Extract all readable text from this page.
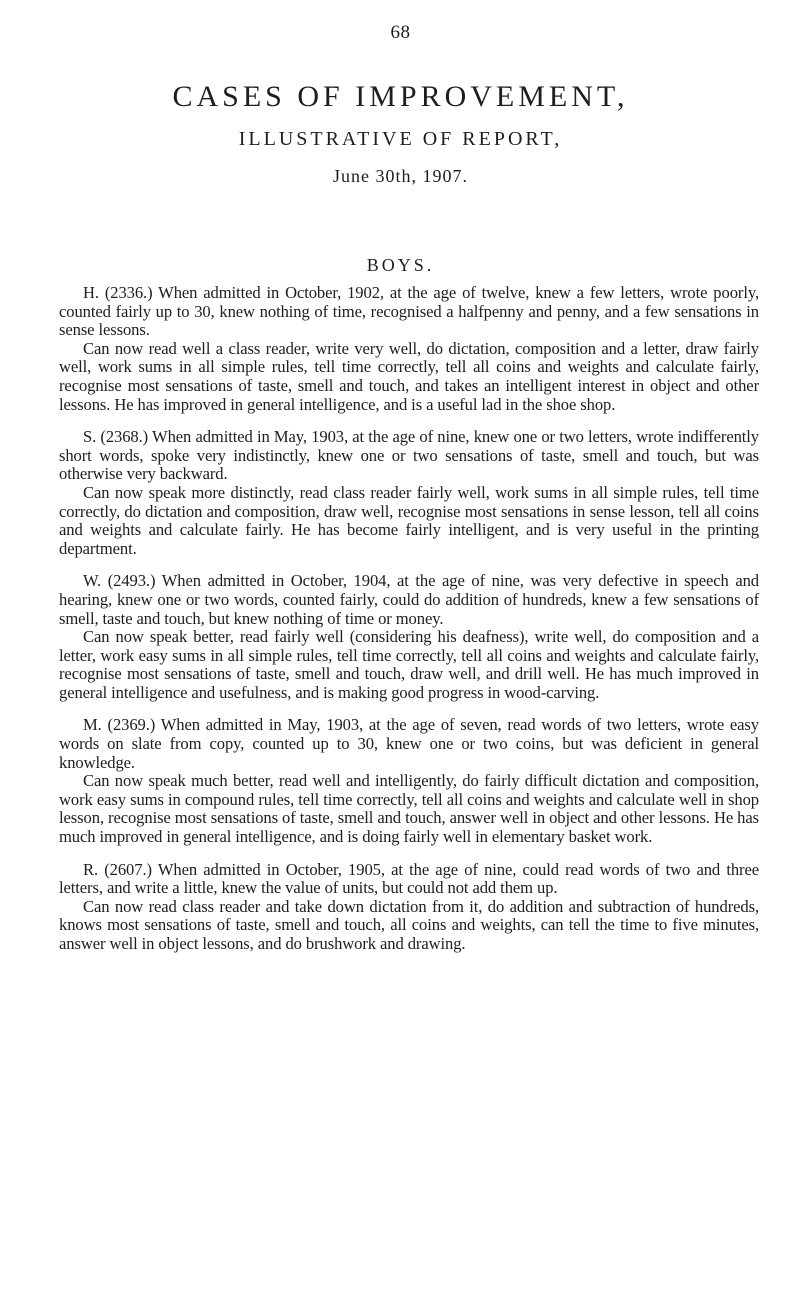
68
CASES OF IMPROVEMENT,
ILLUSTRATIVE OF REPORT,
June 30th, 1907.
BOYS.

H. (2336.) When admitted in October, 1902, at the age of twelve, knew a few letters, wrote poorly, counted fairly up to 30, knew nothing of time, recognised a halfpenny and penny, and a few sensations in sense lessons.

Can now read well a class reader, write very well, do dictation, composition and a letter, draw fairly well, work sums in all simple rules, tell time correctly, tell all coins and weights and calculate fairly, recognise most sensations of taste, smell and touch, and takes an intelligent interest in object and other lessons. He has improved in general intelligence, and is a useful lad in the shoe shop.

S. (2368.) When admitted in May, 1903, at the age of nine, knew one or two letters, wrote indifferently short words, spoke very indistinctly, knew one or two sensations of taste, smell and touch, but was otherwise very backward.

Can now speak more distinctly, read class reader fairly well, work sums in all simple rules, tell time correctly, do dictation and composition, draw well, recognise most sensations in sense lesson, tell all coins and weights and calculate fairly. He has become fairly intelligent, and is very useful in the printing department.

W. (2493.) When admitted in October, 1904, at the age of nine, was very defective in speech and hearing, knew one or two words, counted fairly, could do addition of hundreds, knew a few sensations of smell, taste and touch, but knew nothing of time or money.

Can now speak better, read fairly well (considering his deafness), write well, do composition and a letter, work easy sums in all simple rules, tell time correctly, tell all coins and weights and calculate fairly, recognise most sensations of taste, smell and touch, draw well, and drill well. He has much improved in general intelligence and usefulness, and is making good progress in wood-carving.

M. (2369.) When admitted in May, 1903, at the age of seven, read words of two letters, wrote easy words on slate from copy, counted up to 30, knew one or two coins, but was deficient in general knowledge.

Can now speak much better, read well and intelligently, do fairly difficult dictation and composition, work easy sums in compound rules, tell time correctly, tell all coins and weights and calculate well in shop lesson, recognise most sensations of taste, smell and touch, answer well in object and other lessons. He has much improved in general intelligence, and is doing fairly well in elementary basket work.

R. (2607.) When admitted in October, 1905, at the age of nine, could read words of two and three letters, and write a little, knew the value of units, but could not add them up.

Can now read class reader and take down dictation from it, do addition and subtraction of hundreds, knows most sensations of taste, smell and touch, all coins and weights, can tell the time to five minutes, answer well in object lessons, and do brushwork and drawing.
